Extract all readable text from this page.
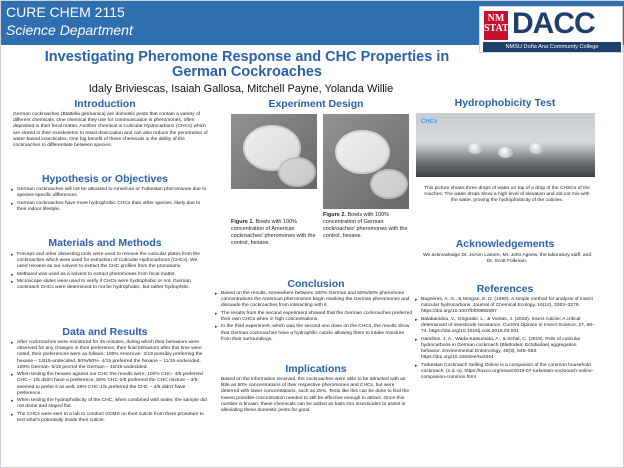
CURE CHEM 2115
Science Department
NM STATE
DACC
NMSU Doña Ana Community College
Investigating Pheromone Response and CHC Properties in German Cockroaches
Idaly Briviescas, Isaiah Gallosa, Mitchell Payne, Yolanda Willie
Introduction
German cockroaches (Blattella germanica) are domestic pests that contain a variety of different chemicals. One chemical they use for communication is pheromones, often deposited in their fecal matter. Another chemical is Cuticular Hydrocarbons (CHCs) which are stored in their exoskeleton to resist desiccation and can also reduce the penetration of water-based insecticides. One big benefit of these chemicals is the ability of the cockroaches to differentiate between species.
Hypothesis or Objectives
▸ German cockroaches will not be attracted to American or Turkestan pheromones due to species-specific differences.
▸ German cockroaches have more hydrophobic CHCs than other species, likely due to their indoor lifestyle.
Materials and Methods
▸ Forceps and other dissecting tools were used to remove the cuticular plates from the cockroaches which were used for extraction of Cuticular Hydrocarbons (CHCs). We used Hexane as our solvent to extract the CHC profiles from the pronotums.
▸ Methanol was used as a solvent to extract pheromones from fecal matter.
▸ Microscope slides were used to verify if CHCs were hydrophobic or not. German cockroach CHCs were determined to not be hydrophobic, but rather hydrophilic.
Data and Results
▸ After cockroaches were monitored for 45 minutes, during which their behaviors were observed for any changes in their preference, their final behaviors after this time were noted, their preferences were as follows: 100% American- 2/19 possibly preferring the hexane – 13/15-undecided, 50%/50%- 4/15 preferred the hexane – 11/15-undecided, 100% German- 5/15 pecred the German – 10/15-undecided.
▸ When testing the hexane against our CHC the results were; 100% CHC- 4/5 preferred CHC – 1/5 didn't have a preference, 50% CHC-2/5 preferred the CHC mixture – 3/5- seemed to prefer it as well, 25% CHC-1/5 preferred the CHC – 4/5 didn't have preference.
▸ When testing the hydrophobicity of the CHC, when combined with water, the sample did not dome and stayed flat.
▸ The CHCs were sent to a lab to conduct GCMS on their cuticle from there pronotum to test what's potentially inside their cuticle.
Experiment Design
Figure 1. Bowls with 100% concentration of American cockroaches' pheromones with the control, hexane.
Figure 2. Bowls with 100% concentration of German cockroaches' pheromones with the control, hexane.
Conclusion
▸ Based on the results, somewhere between 100% German and 50%/50% pheromone concentrations the American pheromones begin masking the German pheromones and dissuade the cockroaches from interacting with it.
▸ The results from the second experiment showed that the German cockroaches preferred their own CHCs when in high concentrations.
▸ In the third experiment, which was the second one done on the CHCs, the results show that German cockroaches have a hydrophilic cuticle allowing them to intake moisture from their surroundings.
Implications
Based on the information received, the cockroaches were able to be attracted with as little as 50% concentrations of their respective pheromones and CHCs, but were deterred with lower concentrations, such as 25%. Tests like this can be done to find the lowest possible concentration needed to still be effective enough to attract. Once this number is known, these chemicals can be added as baits into insecticides to assist in alleviating these domestic pests for good
Hydrophobicity Test
CHCs
This picture shows three drops of water on top of a drop of the CHSCs of the roaches. The water drops show a high level of elevation and did not mix with the water, proving the hydrophobicity of the cuticles.
Acknowledgements
We acknowledge Dr. JoAnn Latorre, Mr. John Agnew, the laboratory staff, and Dr. Scott Folkman.
References
▸ Bagnères, A. G., & Morgan, E. D. (1990). A simple method for analysis of insect cuticular hydrocarbons. Journal of Chemical Ecology, 16(12), 3263–3276. https://doi.org/10.1007/bf00982097
▸ Balabanidou, V., Grigoraki, L., & Vontas, J. (2018). Insect cuticle: A critical determinant of insecticide resistance. Current Opinion in Insect Science, 27, 68–74. https://doi.org/10.1016/j.cois.2018.03.001
▸ Hamilton, J. A., Wada-Katsumata, A., & Schal, C. (2019). Role of cuticular hydrocarbons in German cockroach (Blattodea: Ectobiidae) aggregation behavior. Environmental Entomology, 48(3), 546–553. https://doi.org/10.1093/ee/nvz044
▸ Turkestan Cockroach Selling Online is a companion of the common household cockroach. (n.d.-a). https://tuxco.org/news/2019-07-turkestan-cockroach-online-companion-common.html
